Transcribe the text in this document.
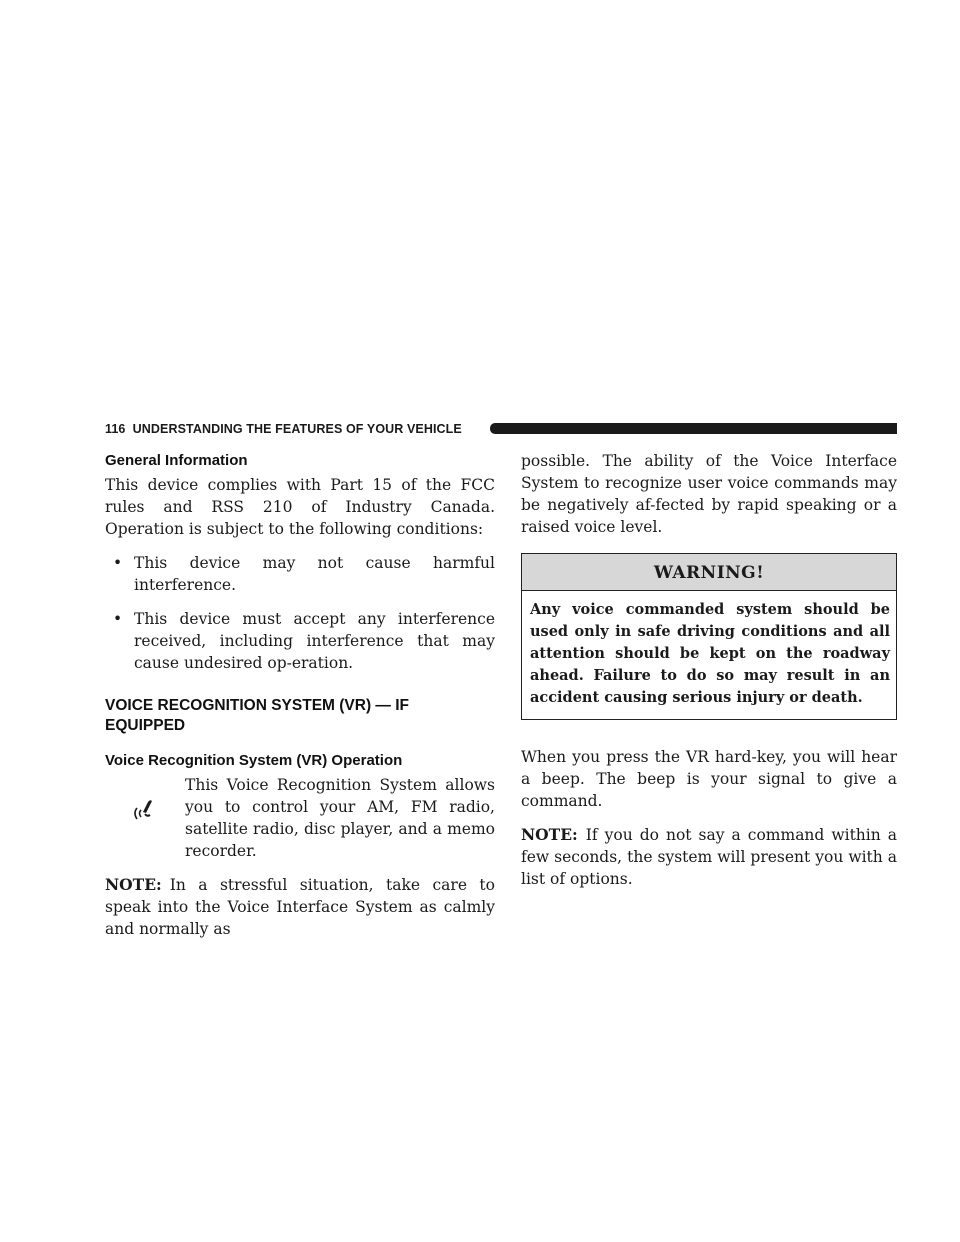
116 UNDERSTANDING THE FEATURES OF YOUR VEHICLE
General Information

This device complies with Part 15 of the FCC rules and RSS 210 of Industry Canada. Operation is subject to the following conditions:

• This device may not cause harmful interference.

• This device must accept any interference received, including interference that may cause undesired op-eration.

VOICE RECOGNITION SYSTEM (VR) — IF EQUIPPED
Voice Recognition System (VR) Operation

This Voice Recognition System allows you to control your AM, FM radio, satellite radio, disc player, and a memo recorder.

NOTE: In a stressful situation, take care to speak into the Voice Interface System as calmly and normally as

possible. The ability of the Voice Interface System to recognize user voice commands may be negatively af-fected by rapid speaking or a raised voice level.

WARNING!
Any voice commanded system should be used only in safe driving conditions and all attention should be kept on the roadway ahead. Failure to do so may result in an accident causing serious injury or death.

When you press the VR hard-key, you will hear a beep. The beep is your signal to give a command.

NOTE: If you do not say a command within a few seconds, the system will present you with a list of options.
